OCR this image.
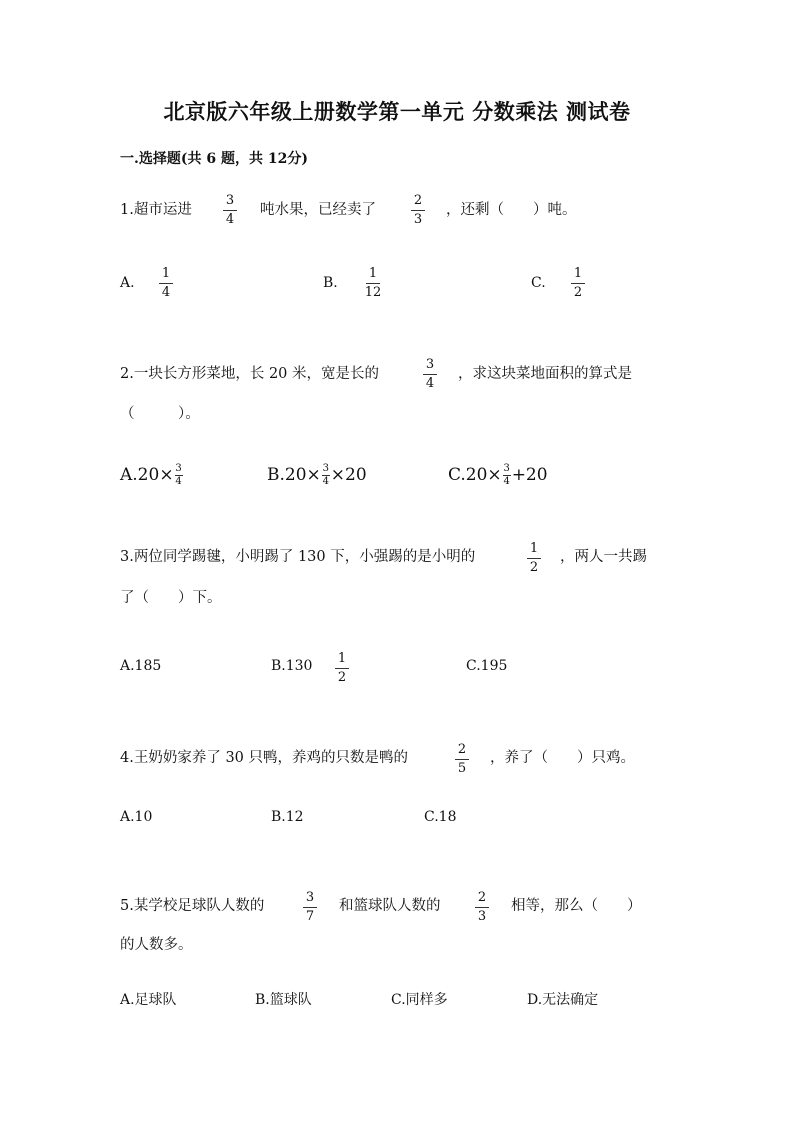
北京版六年级上册数学第一单元 分数乘法 测试卷
一.选择题(共 6 题，共 12分)
1.超市运进
3
4
吨水果，已经卖了
2
3
，还剩（　　）吨。
A.
1
4
B.
1
12
C.
1
2
2.一块长方形菜地，长 20 米，宽是长的
3
4
，求这块菜地面积的算式是
（　　　）。
$A.20\times \frac{3}{4}$	$B.20\times \frac{3}{4} \times 20$	$C.20\times \frac{3}{4} +20$
3.两位同学踢毽，小明踢了 130 下，小强踢的是小明的
1
2
，两人一共踢
了（　　）下。
A.185	B.130	1
2
C.195
4.王奶奶家养了 30 只鸭，养鸡的只数是鸭的
2
5
，养了（　　）只鸡。
A.10	B.12	C.18
5.某学校足球队人数的
3
7
和篮球队人数的
2
3
相等，那么（　　）
的人数多。
A.足球队	B.篮球队	C.同样多	D.无法确定
